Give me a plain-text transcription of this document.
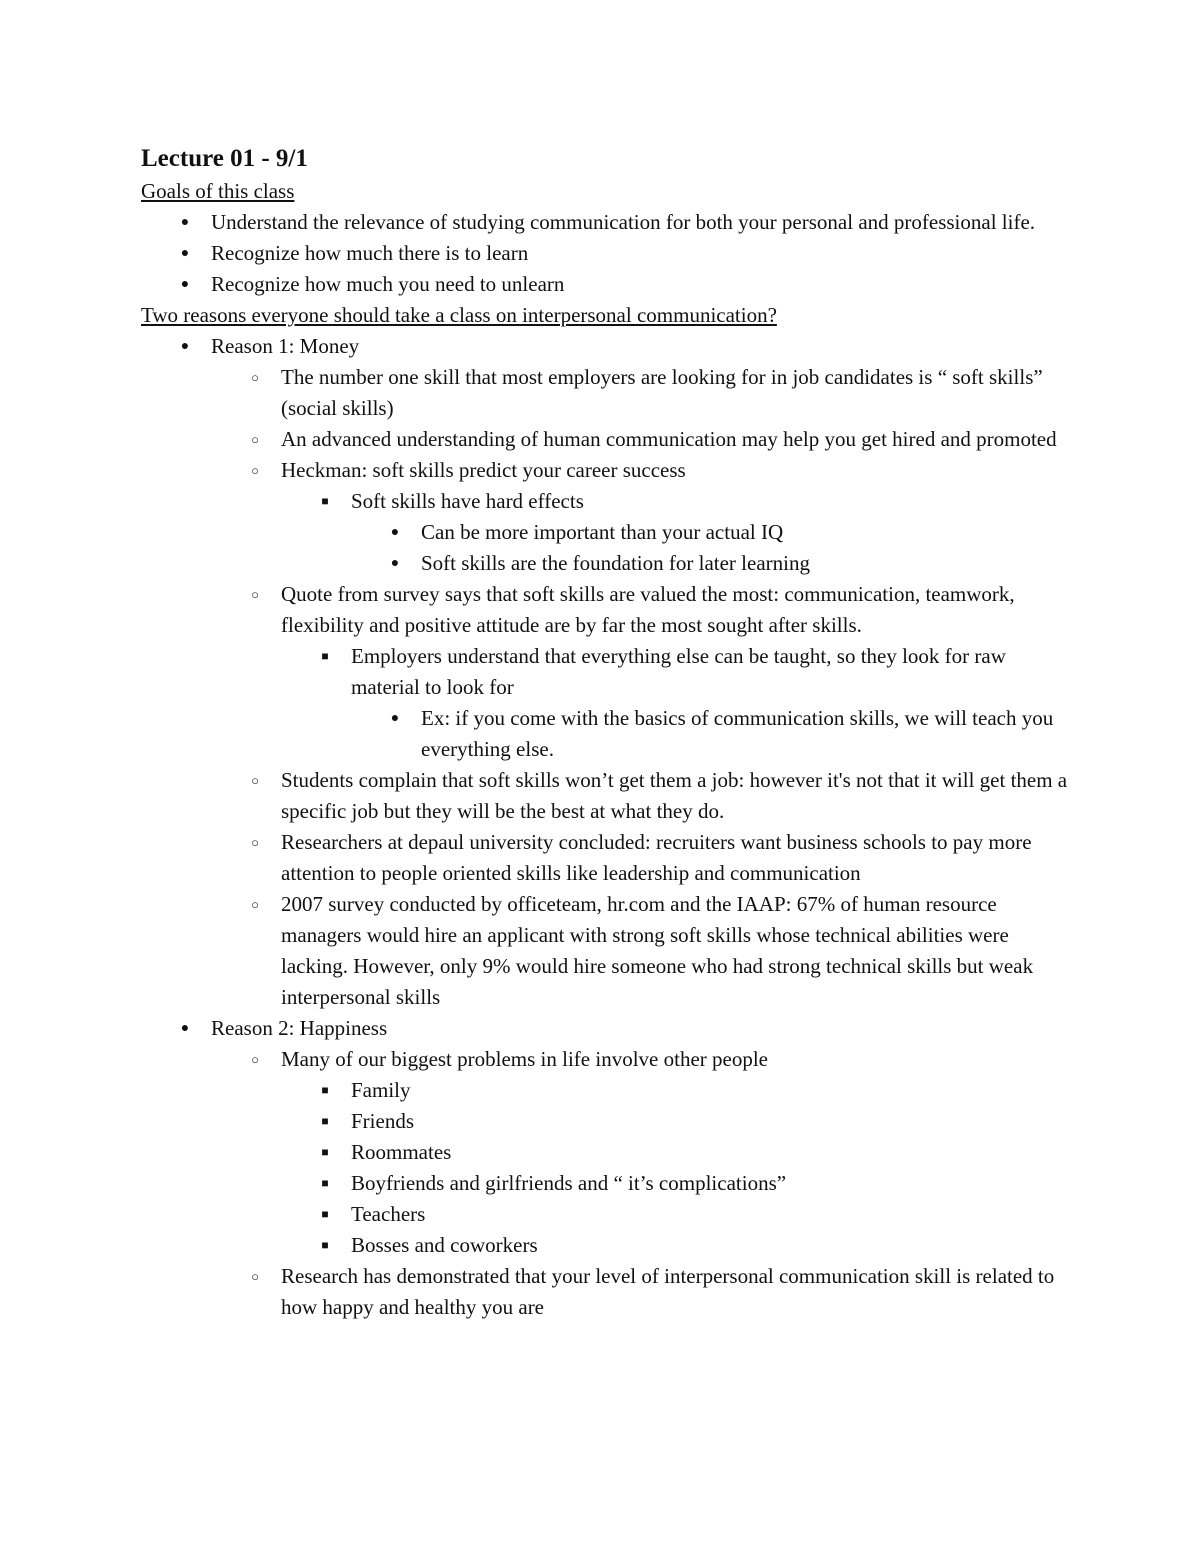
Lecture 01 - 9/1

Goals of this class

● Understand the relevance of studying communication for both your personal and professional life.
● Recognize how much there is to learn
● Recognize how much you need to unlearn

Two reasons everyone should take a class on interpersonal communication?

● Reason 1: Money
○ The number one skill that most employers are looking for in job candidates is “ soft skills” (social skills)
○ An advanced understanding of human communication may help you get hired and promoted
○ Heckman: soft skills predict your career success
■	Soft skills have hard effects
● Can be more important than your actual IQ
● Soft skills are the foundation for later learning
○ Quote from survey says that soft skills are valued the most: communication, teamwork, flexibility and positive attitude are by far the most sought after skills.
■	Employers understand that everything else can be taught, so they look for raw material to look for
● Ex: if you come with the basics of communication skills, we will teach you everything else.
○ Students complain that soft skills won’t get them a job: however it's not that it will get them a specific job but they will be the best at what they do.
○ Researchers at depaul university concluded: recruiters want business schools to pay more attention to people oriented skills like leadership and communication
○ 2007 survey conducted by officeteam, hr.com and the IAAP: 67% of human resource managers would hire an applicant with strong soft skills whose technical abilities were lacking. However, only 9% would hire someone who had strong technical skills but weak interpersonal skills
● Reason 2: Happiness
○ Many of our biggest problems in life involve other people
■	Family
■	Friends
■	Roommates
■	Boyfriends and girlfriends and “ it’s complications”
■	Teachers
■	Bosses and coworkers
○ Research has demonstrated that your level of interpersonal communication skill is related to how happy and healthy you are
